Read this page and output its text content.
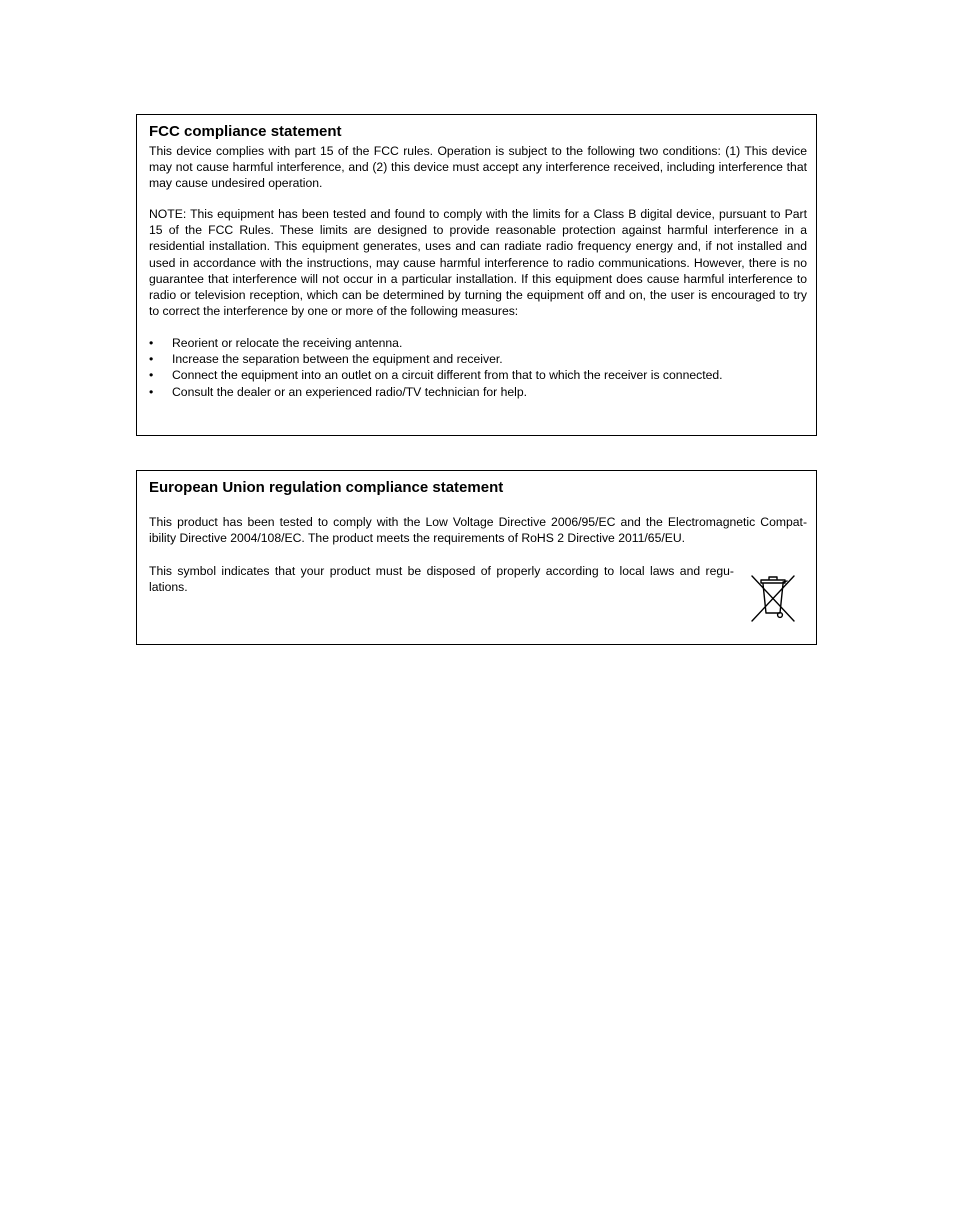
FCC compliance statement

This device complies with part 15 of the FCC rules. Operation is subject to the following two conditions: (1) This device may not cause harmful interference, and (2) this device must accept any interference received, including interference that may cause undesired operation.

NOTE: This equipment has been tested and found to comply with the limits for a Class B digital device, pursuant to Part 15 of the FCC Rules. These limits are designed to provide reasonable protection against harmful interference in a residential installation. This equipment generates, uses and can radiate radio frequency energy and, if not installed and used in accordance with the instructions, may cause harmful interference to radio communications. However, there is no guarantee that interference will not occur in a particular installation. If this equipment does cause harmful interference to radio or television reception, which can be determined by turning the equipment off and on, the user is encouraged to try to correct the interference by one or more of the following measures:

• Reorient or relocate the receiving antenna.
• Increase the separation between the equipment and receiver.
• Connect the equipment into an outlet on a circuit different from that to which the receiver is connected.
• Consult the dealer or an experienced radio/TV technician for help.
European Union regulation compliance statement

This product has been tested to comply with the Low Voltage Directive 2006/95/EC and the Electromagnetic Compat-ibility Directive 2004/108/EC. The product meets the requirements of RoHS 2 Directive 2011/65/EU.

This symbol indicates that your product must be disposed of properly according to local laws and regu-lations.
